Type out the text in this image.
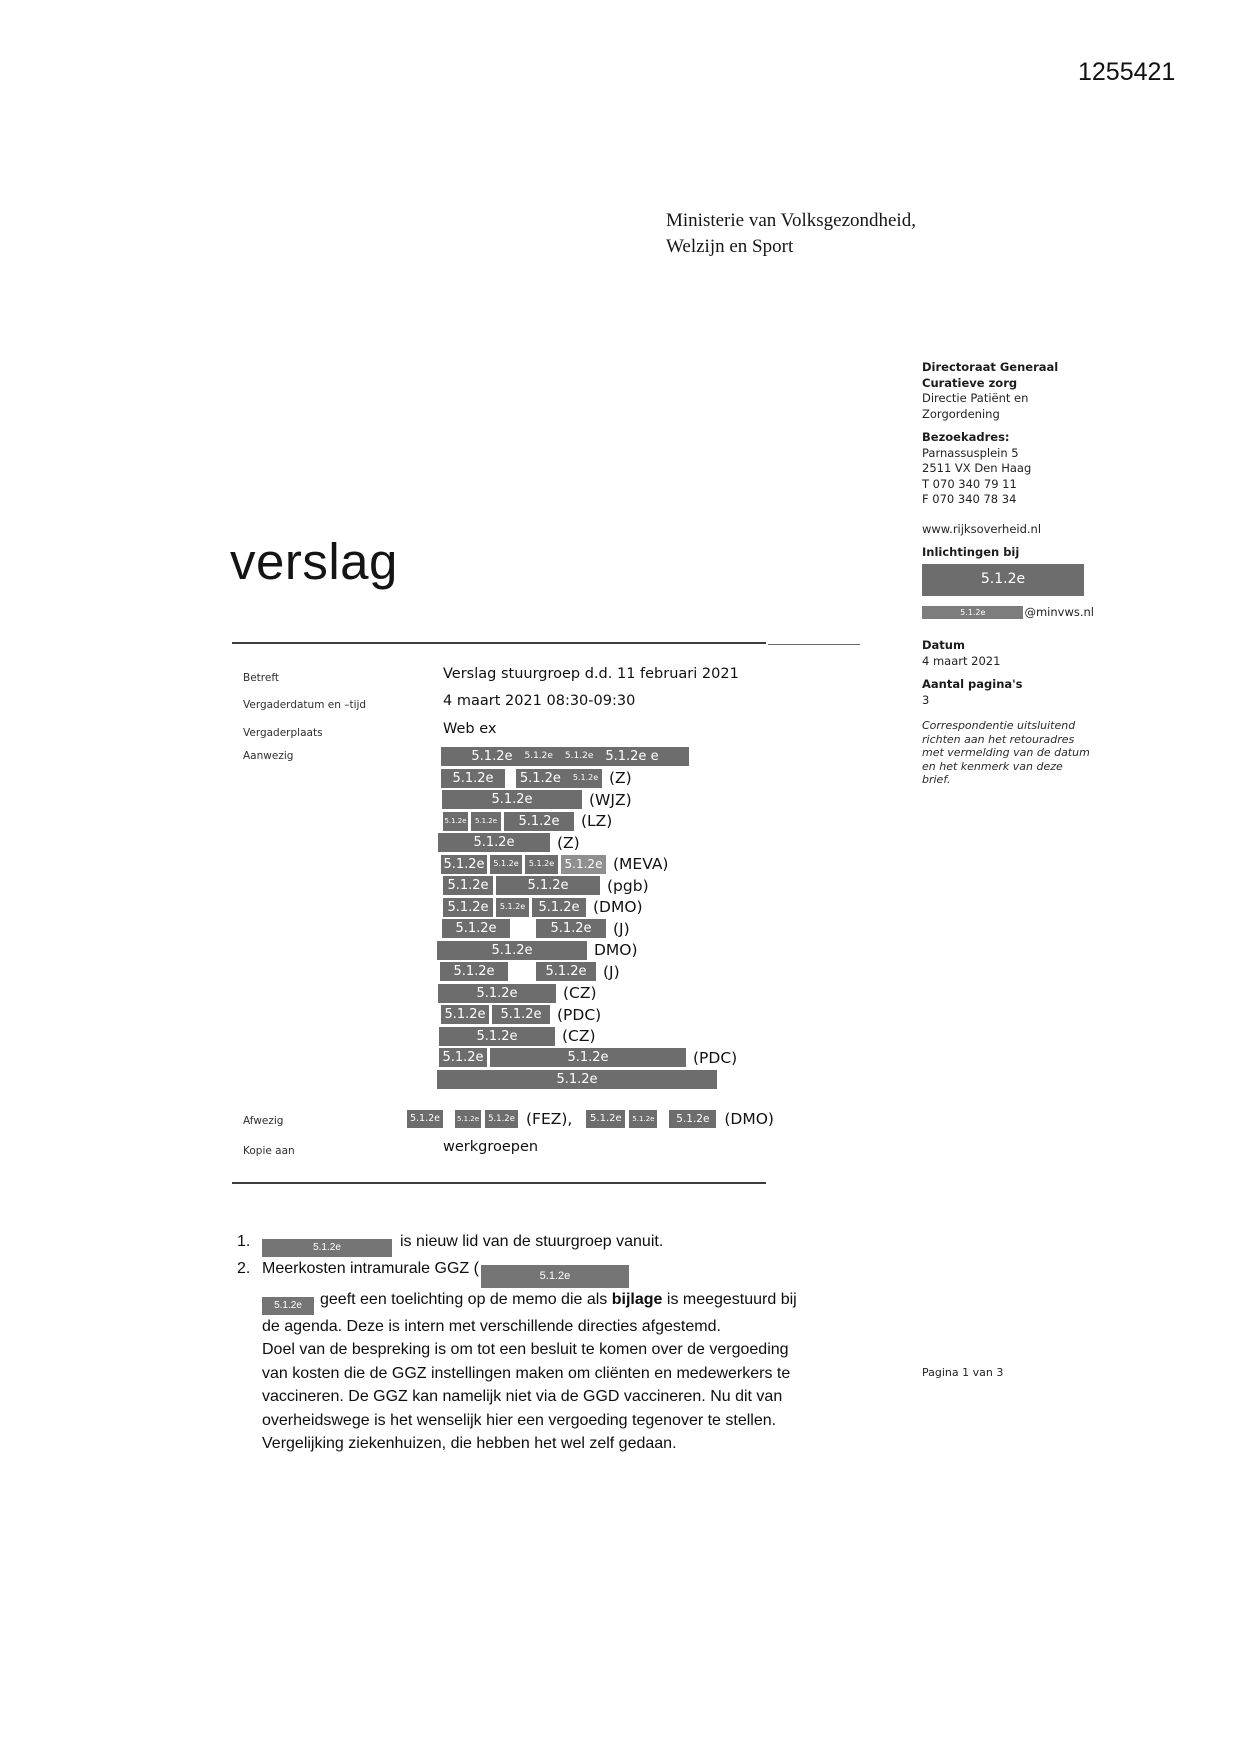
1255421
Ministerie van Volksgezondheid,
Welzijn en Sport
Directoraat Generaal Curatieve zorg
Directie Patiënt en Zorgordening
Bezoekadres:
Parnassusplein 5
2511 VX Den Haag
T 070 340 79 11
F 070 340 78 34
www.rijksoverheid.nl
Inlichtingen bij
5.1.2e
5.1.2e	@minvws.nl
Datum
4 maart 2021
Aantal pagina's
3
Correspondentie uitsluitend richten aan het retouradres met vermelding van de datum en het kenmerk van deze brief.
verslag
Betreft	Verslag stuurgroep d.d. 11 februari 2021
Vergaderdatum en –tijd	4 maart 2021 08:30-09:30
Vergaderplaats	Web ex
Aanwezig	5.1.2e 5.1.2e 5.1.2e 5.1.2e e
5.1.2e 5.1.2e 5.1.2e (Z)
5.1.2e	(WJZ)
5.1.2e 5.1.2e 5.1.2e (LZ)
5.1.2e	(Z)
5.1.2e 5.1.2e 5.1.2e 5.1.2e (MEVA)
5.1.2e	5.1.2e (pgb)
5.1.2e 5.1.2e 5.1.2e (DMO)
5.1.2e	5.1.2e (J)
5.1.2e	DMO)
5.1.2e	5.1.2e (J)
5.1.2e	(CZ)
5.1.2e 5.1.2e (PDC)
5.1.2e	(CZ)
5.1.2e	5.1.2e	(PDC)
5.1.2e
Afwezig	5.1.2e 5.1.2e 5.1.2e (FEZ), 5.1.2e 5.1.2e 5.1.2e (DMO)
Kopie aan	werkgroepen
1.	5.1.2e	is nieuw lid van de stuurgroep vanuit.
2. Meerkosten intramurale GGZ (	5.1.2e
5.1.2e geeft een toelichting op de memo die als bijlage is meegestuurd bij de agenda. Deze is intern met verschillende directies afgestemd.
Doel van de bespreking is om tot een besluit te komen over de vergoeding van kosten die de GGZ instellingen maken om cliënten en medewerkers te vaccineren. De GGZ kan namelijk niet via de GGD vaccineren. Nu dit van overheidswege is het wenselijk hier een vergoeding tegenover te stellen. Vergelijking ziekenhuizen, die hebben het wel zelf gedaan.
Pagina 1 van 3
